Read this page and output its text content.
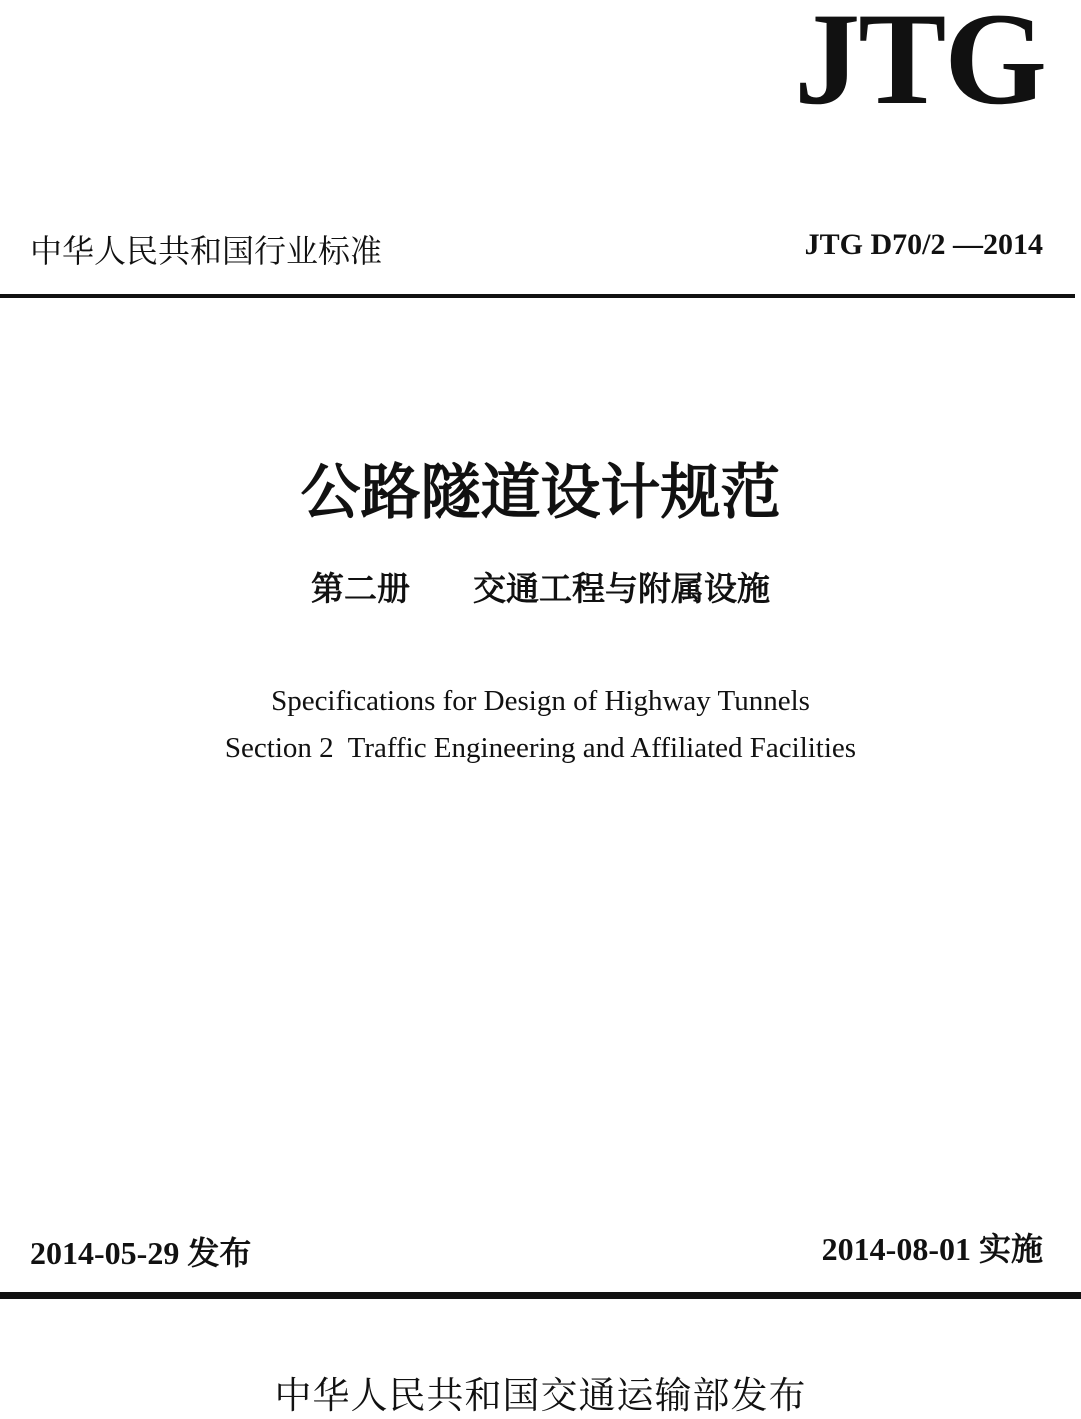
JTG
中华人民共和国行业标准	JTG D70/2 —2014
公路隧道设计规范
第二册 交通工程与附属设施
Specifications for Design of Highway Tunnels
Section 2  Traffic Engineering and Affiliated Facilities
2014-05-29 发布	2014-08-01 实施
中华人民共和国交通运输部发布
